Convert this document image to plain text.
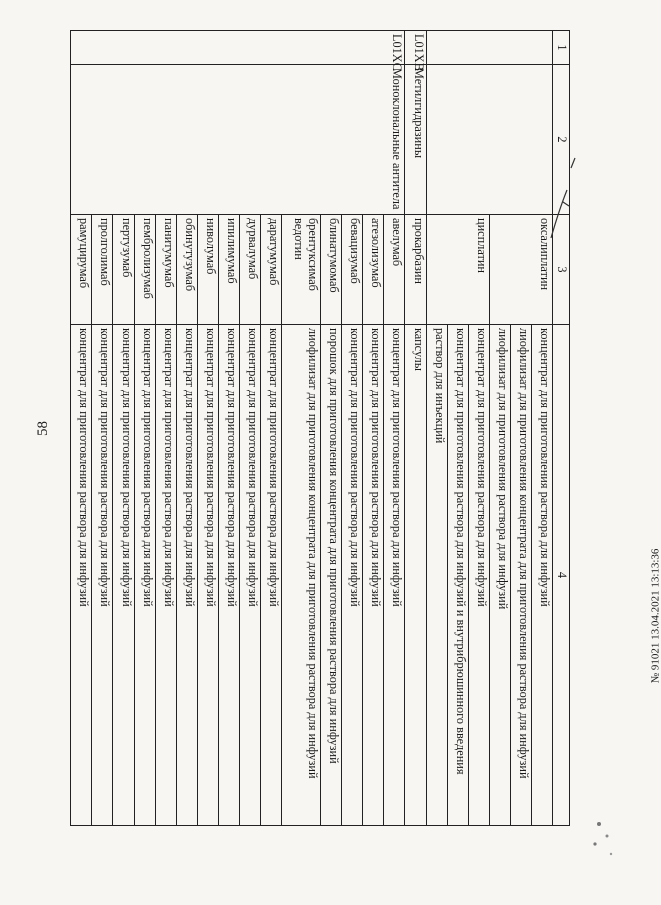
58
1	2	3	4
		оксалиплатин	концентрат для приготовления раствора для инфузий
			лиофилизат для приготовления концентрата для приготовления раствора для инфузий
			лиофилизат для приготовления раствора для инфузий
		цисплатин	концентрат для приготовления раствора для инфузий
			концентрат для приготовления раствора для инфузий и внутрибрюшинного введения
			раствор для инъекций
L01XB	Метилгидразины	прокарбазин	капсулы
L01XC	Моноклональные антитела	авелумаб	концентрат для приготовления раствора для инфузий
		атезолизумаб	концентрат для приготовления раствора для инфузий
		бевацизумаб	концентрат для приготовления раствора для инфузий
		блинатумомаб	порошок для приготовления концентрата для приготовления раствора для инфузий
		брентуксимаб ведотин	лиофилизат для приготовления концентрата для приготовления раствора для инфузий
		даратумумаб	концентрат для приготовления раствора для инфузий
		дурвалумаб	концентрат для приготовления раствора для инфузий
		ипилимумаб	концентрат для приготовления раствора для инфузий
		ниволумаб	концентрат для приготовления раствора для инфузий
		обинутузумаб	концентрат для приготовления раствора для инфузий
		панитумумаб	концентрат для приготовления раствора для инфузий
		пембролизумаб	концентрат для приготовления раствора для инфузий
		пертузумаб	концентрат для приготовления раствора для инфузий
		пролголимаб	концентрат для приготовления раствора для инфузий
		рамуцирумаб	концентрат для приготовления раствора для инфузий
№ 91021 13.04.2021 13:13:36
